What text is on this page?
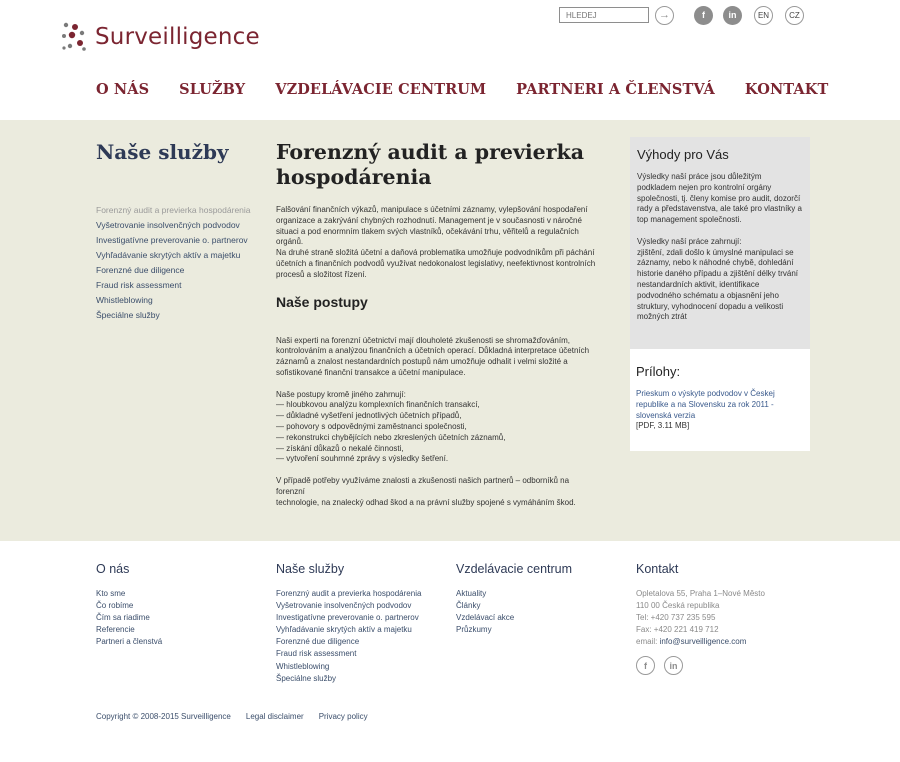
HLEDEJ
→	f	in	EN	CZ
Surveilligence
O NÁS SLUŽBY VZDELÁVACIE CENTRUM PARTNERI A ČLENSTVÁ KONTAKT
Naše služby
Forenzný audit a previerka hospodárenia
Vyšetrovanie insolvenčných podvodov
Investigatívne preverovanie o. partnerov
Vyhľadávanie skrytých aktív a majetku
Forenzné due diligence
Fraud risk assessment
Whistleblowing
Špeciálne služby
Forenzný audit a previerka hospodárenia

Falšování finančních výkazů, manipulace s účetními záznamy, vylepšování hospodaření
organizace a zakrývání chybných rozhodnutí. Management je v současnosti v náročné
situaci a pod enormním tlakem svých vlastníků, očekávání trhu, věřitelů a regulačních
orgánů.
Na druhé straně složitá účetní a daňová problematika umožňuje podvodníkům při páchání
účetních a finančních podvodů využívat nedokonalost legislativy, neefektivnost kontrolních
procesů a složitost řízení.

Naše postupy

Naši experti na forenzní účetnictví mají dlouholeté zkušenosti se shromažďováním,
kontrolováním a analýzou finančních a účetních operací. Důkladná interpretace účetních
záznamů a znalost nestandardních postupů nám umožňuje odhalit i velmi složité a
sofistikované finanční transakce a účetní manipulace.

Naše postupy kromě jiného zahrnují:
— hloubkovou analýzu komplexních finančních transakcí,
— důkladné vyšetření jednotlivých účetních případů,
— pohovory s odpovědnými zaměstnanci společnosti,
— rekonstrukci chybějících nebo zkreslených účetních záznamů,
— získání důkazů o nekalé činnosti,
— vytvoření souhrnné zprávy s výsledky šetření.

V případě potřeby využíváme znalosti a zkušenosti našich partnerů – odborníků na forenzní
technologie, na znalecký odhad škod a na právní služby spojené s vymáháním škod.

Výhody pro Vás
Výsledky naší práce jsou důležitým
podkladem nejen pro kontrolní orgány
společnosti, tj. členy komise pro audit, dozorčí
rady a představenstva, ale také pro vlastníky a
top management společnosti.

Výsledky naší práce zahrnují:
zjištění, zdali došlo k úmyslné manipulaci se
záznamy, nebo k náhodné chybě, dohledání
historie daného případu a zjištění délky trvání
nestandardních aktivit, identifikace
podvodného schématu a objasnění jeho
struktury, vyhodnocení dopadu a velikosti
možných ztrát
Prílohy:
Prieskum o výskyte podvodov v Českej republike a na Slovensku za rok 2011 - slovenská verzia
[PDF, 3.11 MB]
O nás
Kto sme
Čo robíme
Čím sa riadime
Referencie
Partneri a členstvá
Naše služby
Forenzný audit a previerka hospodárenia
Vyšetrovanie insolvenčných podvodov
Investigatívne preverovanie o. partnerov
Vyhľadávanie skrytých aktív a majetku
Forenzné due diligence
Fraud risk assessment
Whistleblowing
Špeciálne služby
Vzdelávacie centrum
Aktuality
Články
Vzdelávací akce
Průzkumy
Kontakt
Opletalova 55, Praha 1–Nové Město
110 00 Česká republika
Tel: +420 737 235 595
Fax: +420 221 419 712
email: info@surveilligence.com
f	in
Copyright © 2008-2015 Surveilligence Legal disclaimer Privacy policy
